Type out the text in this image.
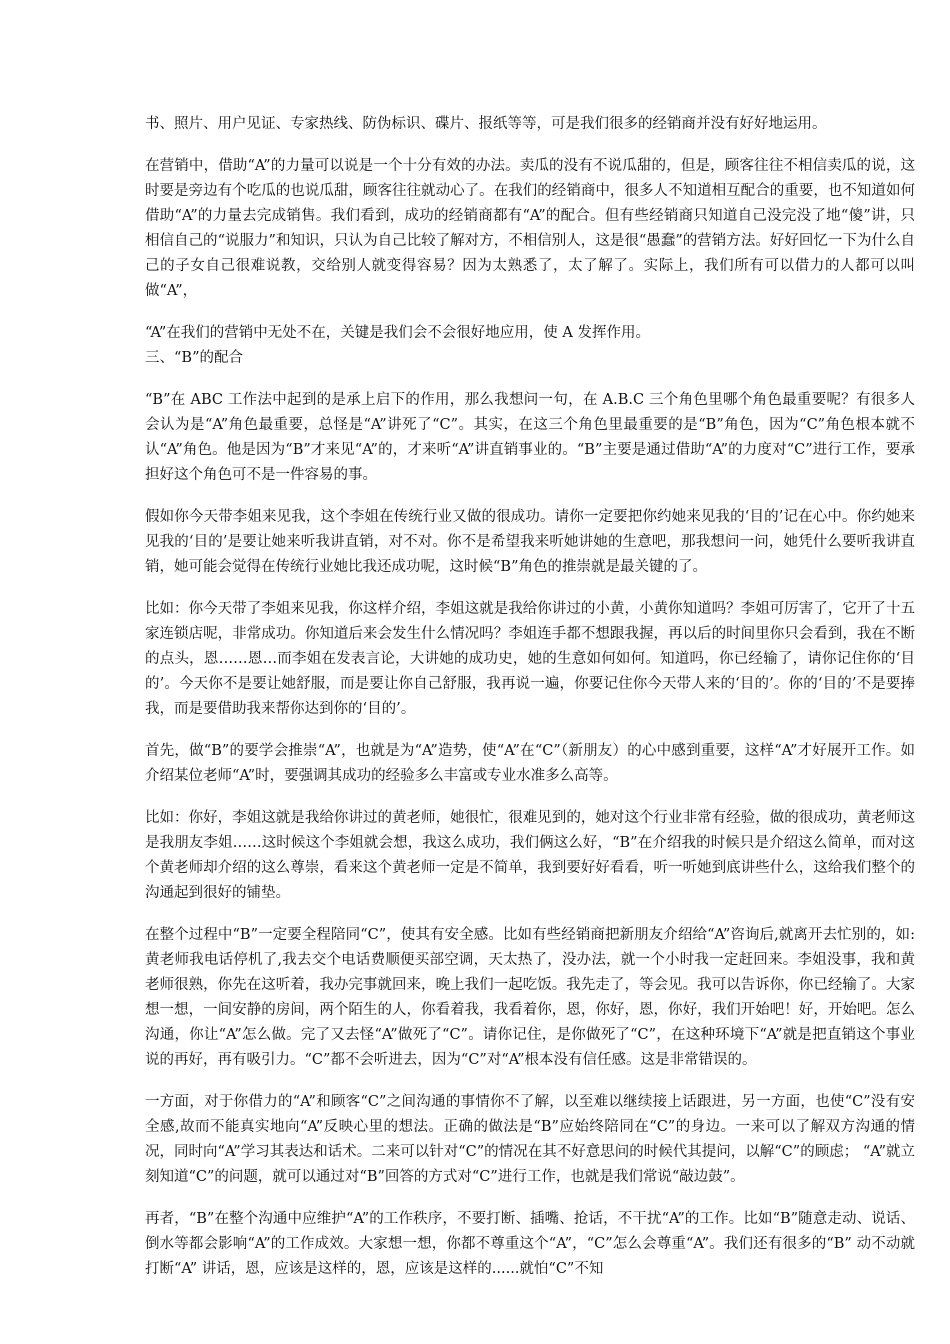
书、照片、用户见证、专家热线、防伪标识、碟片、报纸等等，可是我们很多的经销商并没有好好地运用。

在营销中，借助“A”的力量可以说是一个十分有效的办法。卖瓜的没有不说瓜甜的，但是，顾客往往不相信卖瓜的说，这时要是旁边有个吃瓜的也说瓜甜，顾客往往就动心了。在我们的经销商中，很多人不知道相互配合的重要，也不知道如何借助“A”的力量去完成销售。我们看到，成功的经销商都有“A”的配合。但有些经销商只知道自己没完没了地“傻”讲，只相信自己的“说服力”和知识，只认为自己比较了解对方，不相信别人，这是很“愚蠢”的营销方法。好好回忆一下为什么自己的子女自己很难说教，交给别人就变得容易？因为太熟悉了，太了解了。实际上，我们所有可以借力的人都可以叫做“A”，

“A”在我们的营销中无处不在，关键是我们会不会很好地应用，使 A 发挥作用。

三、“B”的配合

“B”在 ABC 工作法中起到的是承上启下的作用，那么我想问一句，在 A.B.C 三个角色里哪个角色最重要呢？有很多人会认为是“A”角色最重要，总怪是“A”讲死了“C”。其实，在这三个角色里最重要的是“B”角色，因为“C”角色根本就不认“A”角色。他是因为“B”才来见“A”的，才来听“A”讲直销事业的。“B”主要是通过借助“A”的力度对“C”进行工作，要承担好这个角色可不是一件容易的事。

假如你今天带李姐来见我，这个李姐在传统行业又做的很成功。请你一定要把你约她来见我的‘目的’记在心中。你约她来见我的‘目的’是要让她来听我讲直销，对不对。你不是希望我来听她讲她的生意吧，那我想问一问，她凭什么要听我讲直销，她可能会觉得在传统行业她比我还成功呢，这时候“B”角色的推崇就是最关键的了。

比如：你今天带了李姐来见我，你这样介绍，李姐这就是我给你讲过的小黄，小黄你知道吗？李姐可厉害了，它开了十五家连锁店呢，非常成功。你知道后来会发生什么情况吗？李姐连手都不想跟我握，再以后的时间里你只会看到，我在不断的点头，恩……恩…而李姐在发表言论，大讲她的成功史，她的生意如何如何。知道吗，你已经输了，请你记住你的‘目的’。今天你不是要让她舒服，而是要让你自己舒服，我再说一遍，你要记住你今天带人来的‘目的’。你的‘目的’不是要捧我，而是要借助我来帮你达到你的‘目的’。

首先，做“B”的要学会推崇“A”，也就是为“A”造势，使“A”在“C”（新朋友）的心中感到重要，这样“A”才好展开工作。如介绍某位老师“A”时，要强调其成功的经验多么丰富或专业水准多么高等。

比如：你好，李姐这就是我给你讲过的黄老师，她很忙，很难见到的，她对这个行业非常有经验，做的很成功，黄老师这是我朋友李姐……这时候这个李姐就会想，我这么成功，我们俩这么好，“B”在介绍我的时候只是介绍这么简单，而对这个黄老师却介绍的这么尊崇，看来这个黄老师一定是不简单，我到要好好看看，听一听她到底讲些什么，这给我们整个的沟通起到很好的铺垫。

在整个过程中“B”一定要全程陪同“C”，使其有安全感。比如有些经销商把新朋友介绍给“A”咨询后,就离开去忙别的，如:黄老师我电话停机了,我去交个电话费顺便买部空调，天太热了，没办法，就一个小时我一定赶回来。李姐没事，我和黄老师很熟，你先在这听着，我办完事就回来，晚上我们一起吃饭。我先走了，等会见。我可以告诉你，你已经输了。大家想一想，一间安静的房间，两个陌生的人，你看着我，我看着你，恩，你好，恩，你好，我们开始吧！好，开始吧。怎么沟通，你让“A”怎么做。完了又去怪“A”做死了“C”。请你记住，是你做死了“C”，在这种环境下“A”就是把直销这个事业说的再好，再有吸引力。“C”都不会听进去，因为“C”对“A”根本没有信任感。这是非常错误的。

一方面，对于你借力的“A”和顾客“C”之间沟通的事情你不了解，以至难以继续接上话跟进，另一方面，也使“C”没有安全感,故而不能真实地向“A”反映心里的想法。正确的做法是“B”应始终陪同在“C”的身边。一来可以了解双方沟通的情况，同时向“A”学习其表达和话术。二来可以针对“C”的情况在其不好意思问的时候代其提问，以解“C”的顾虑； “A”就立刻知道“C”的问题，就可以通过对“B”回答的方式对“C”进行工作，也就是我们常说“敲边鼓”。

再者，“B”在整个沟通中应维护“A”的工作秩序，不要打断、插嘴、抢话，不干扰“A”的工作。比如“B”随意走动、说话、倒水等都会影响“A”的工作成效。大家想一想，你都不尊重这个“A”，“C”怎么会尊重“A”。我们还有很多的“B” 动不动就打断“A” 讲话，恩，应该是这样的，恩，应该是这样的......就怕“C”不知
